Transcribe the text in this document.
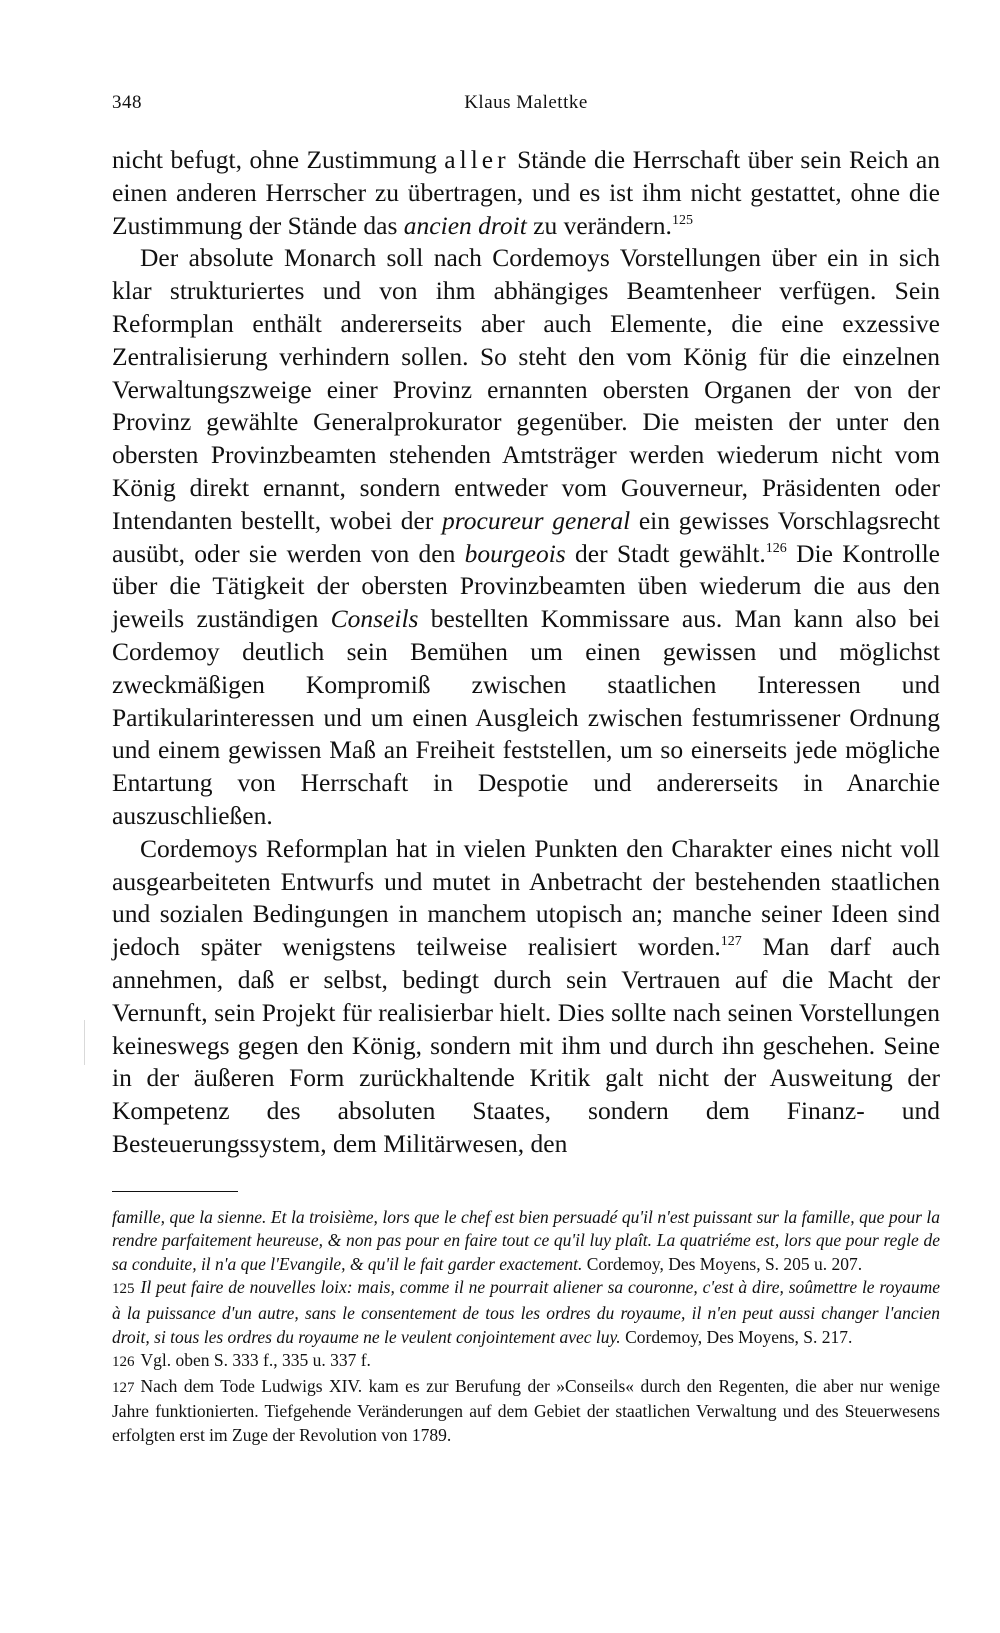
348	Klaus Malettke

nicht befugt, ohne Zustimmung aller Stände die Herrschaft über sein Reich an einen anderen Herrscher zu übertragen, und es ist ihm nicht gestattet, ohne die Zustimmung der Stände das ancien droit zu verändern.$^{125}$

Der absolute Monarch soll nach Cordemoys Vorstellungen über ein in sich klar strukturiertes und von ihm abhängiges Beamtenheer verfügen. Sein Reformplan enthält andererseits aber auch Elemente, die eine exzessive Zentralisierung verhindern sollen. So steht den vom König für die einzelnen Verwaltungszweige einer Provinz ernannten obersten Organen der von der Provinz gewählte Generalprokurator gegenüber. Die meisten der unter den obersten Provinzbeamten stehenden Amtsträger werden wiederum nicht vom König direkt ernannt, sondern entweder vom Gouverneur, Präsidenten oder Intendanten bestellt, wobei der procureur general ein gewisses Vorschlagsrecht ausübt, oder sie werden von den bourgeois der Stadt gewählt.$^{126}$ Die Kontrolle über die Tätigkeit der obersten Provinzbeamten üben wiederum die aus den jeweils zuständigen Conseils bestellten Kommissare aus. Man kann also bei Cordemoy deutlich sein Bemühen um einen gewissen und möglichst zweckmäßigen Kompromiß zwischen staatlichen Interessen und Partikularinteressen und um einen Ausgleich zwischen festumrissener Ordnung und einem gewissen Maß an Freiheit feststellen, um so einerseits jede mögliche Entartung von Herrschaft in Despotie und andererseits in Anarchie auszuschließen.

Cordemoys Reformplan hat in vielen Punkten den Charakter eines nicht voll ausgearbeiteten Entwurfs und mutet in Anbetracht der bestehenden staatlichen und sozialen Bedingungen in manchem utopisch an; manche seiner Ideen sind jedoch später wenigstens teilweise realisiert worden.$^{127}$ Man darf auch annehmen, daß er selbst, bedingt durch sein Vertrauen auf die Macht der Vernunft, sein Projekt für realisierbar hielt. Dies sollte nach seinen Vorstellungen keineswegs gegen den König, sondern mit ihm und durch ihn geschehen. Seine in der äußeren Form zurückhaltende Kritik galt nicht der Ausweitung der Kompetenz des absoluten Staates, sondern dem Finanz- und Besteuerungssystem, dem Militärwesen, den

famille, que la sienne. Et la troisième, lors que le chef est bien persuadé qu'il n'est puissant sur la famille, que pour la rendre parfaitement heureuse, & non pas pour en faire tout ce qu'il luy plaît. La quatriéme est, lors que pour regle de sa conduite, il n'a que l'Evangile, & qu'il le fait garder exactement. Cordemoy, Des Moyens, S. 205 u. 207.

125 Il peut faire de nouvelles loix: mais, comme il ne pourrait aliener sa couronne, c'est à dire, soûmettre le royaume à la puissance d'un autre, sans le consentement de tous les ordres du royaume, il n'en peut aussi changer l'ancien droit, si tous les ordres du royaume ne le veulent conjointement avec luy. Cordemoy, Des Moyens, S. 217.

126 Vgl. oben S. 333 f., 335 u. 337 f.

127 Nach dem Tode Ludwigs XIV. kam es zur Berufung der »Conseils« durch den Regenten, die aber nur wenige Jahre funktionierten. Tiefgehende Veränderungen auf dem Gebiet der staatlichen Verwaltung und des Steuerwesens erfolgten erst im Zuge der Revolution von 1789.
